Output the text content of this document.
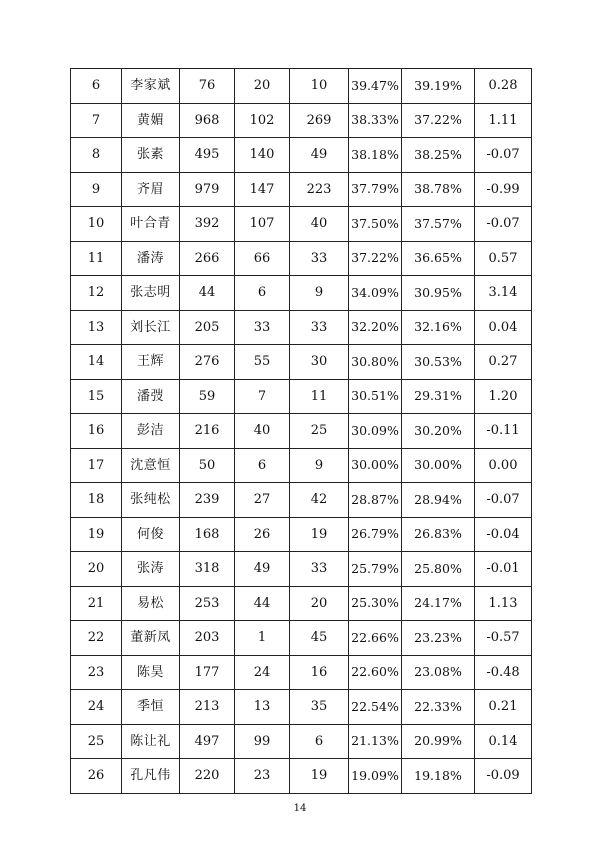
6	李家斌	76	20	10	39.47%	39.19%	0.28
7	黄媚	968	102	269	38.33%	37.22%	1.11
8	张素	495	140	49	38.18%	38.25%	-0.07
9	齐眉	979	147	223	37.79%	38.78%	-0.99
10	叶合青	392	107	40	37.50%	37.57%	-0.07
11	潘涛	266	66	33	37.22%	36.65%	0.57
12	张志明	44	6	9	34.09%	30.95%	3.14
13	刘长江	205	33	33	32.20%	32.16%	0.04
14	王辉	276	55	30	30.80%	30.53%	0.27
15	潘弢	59	7	11	30.51%	29.31%	1.20
16	彭洁	216	40	25	30.09%	30.20%	-0.11
17	沈意恒	50	6	9	30.00%	30.00%	0.00
18	张纯松	239	27	42	28.87%	28.94%	-0.07
19	何俊	168	26	19	26.79%	26.83%	-0.04
20	张涛	318	49	33	25.79%	25.80%	-0.01
21	易松	253	44	20	25.30%	24.17%	1.13
22	董新凤	203	1	45	22.66%	23.23%	-0.57
23	陈昊	177	24	16	22.60%	23.08%	-0.48
24	季恒	213	13	35	22.54%	22.33%	0.21
25	陈让礼	497	99	6	21.13%	20.99%	0.14
26	孔凡伟	220	23	19	19.09%	19.18%	-0.09
14
